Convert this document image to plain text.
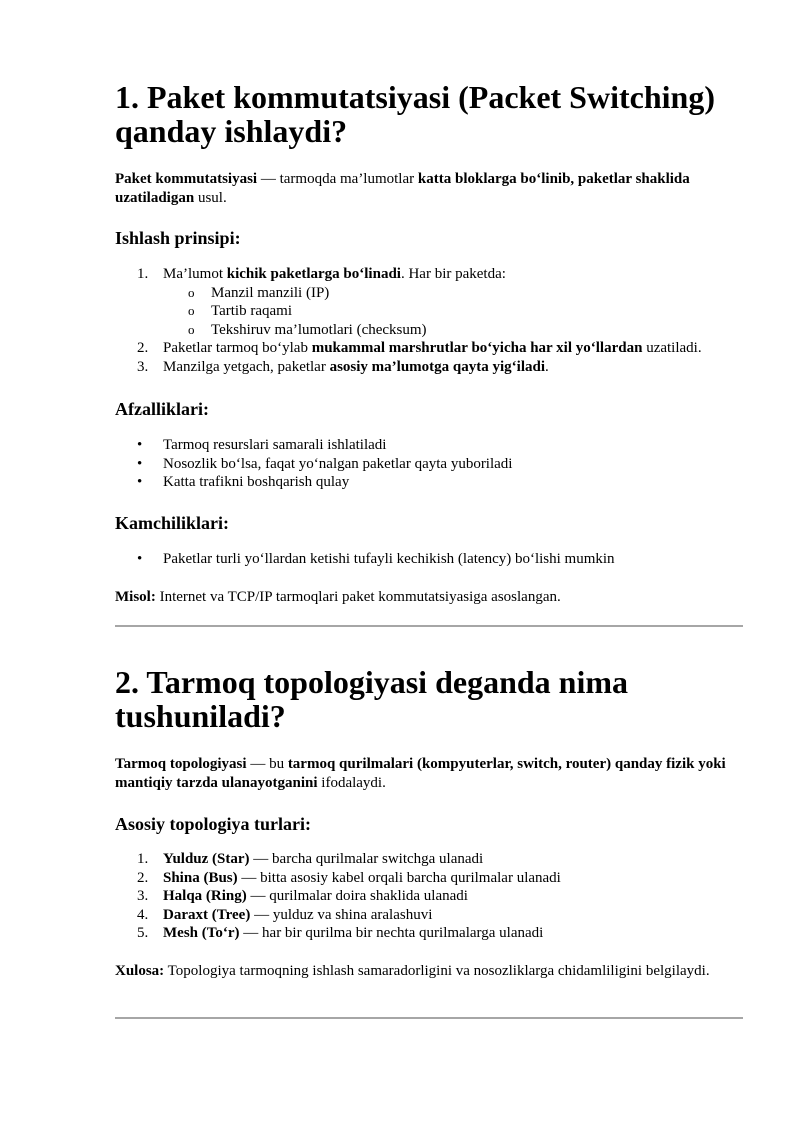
1. Paket kommutatsiyasi (Packet Switching) qanday ishlaydi?

Paket kommutatsiyasi — tarmoqda ma’lumotlar katta bloklarga bo‘linib, paketlar shaklida uzatiladigan usul.

Ishlash prinsipi:
1. Ma’lumot kichik paketlarga bo‘linadi. Har bir paketda:
o Manzil manzili (IP)
o Tartib raqami
o Tekshiruv ma’lumotlari (checksum)
2. Paketlar tarmoq bo‘ylab mukammal marshrutlar bo‘yicha har xil yo‘llardan uzatiladi.
3. Manzilga yetgach, paketlar asosiy ma’lumotga qayta yig‘iladi.
Afzalliklari:
•	Tarmoq resurslari samarali ishlatiladi
•	Nosozlik bo‘lsa, faqat yo‘nalgan paketlar qayta yuboriladi
•	Katta trafikni boshqarish qulay
Kamchiliklari:
•	Paketlar turli yo‘llardan ketishi tufayli kechikish (latency) bo‘lishi mumkin

Misol: Internet va TCP/IP tarmoqlari paket kommutatsiyasiga asoslangan.

2. Tarmoq topologiyasi deganda nima tushuniladi?

Tarmoq topologiyasi — bu tarmoq qurilmalari (kompyuterlar, switch, router) qanday fizik yoki mantiqiy tarzda ulanayotganini ifodalaydi.

Asosiy topologiya turlari:
1. Yulduz (Star) — barcha qurilmalar switchga ulanadi
2. Shina (Bus) — bitta asosiy kabel orqali barcha qurilmalar ulanadi
3. Halqa (Ring) — qurilmalar doira shaklida ulanadi
4. Daraxt (Tree) — yulduz va shina aralashuvi
5. Mesh (To‘r) — har bir qurilma bir nechta qurilmalarga ulanadi

Xulosa: Topologiya tarmoqning ishlash samaradorligini va nosozliklarga chidamliligini belgilaydi.
